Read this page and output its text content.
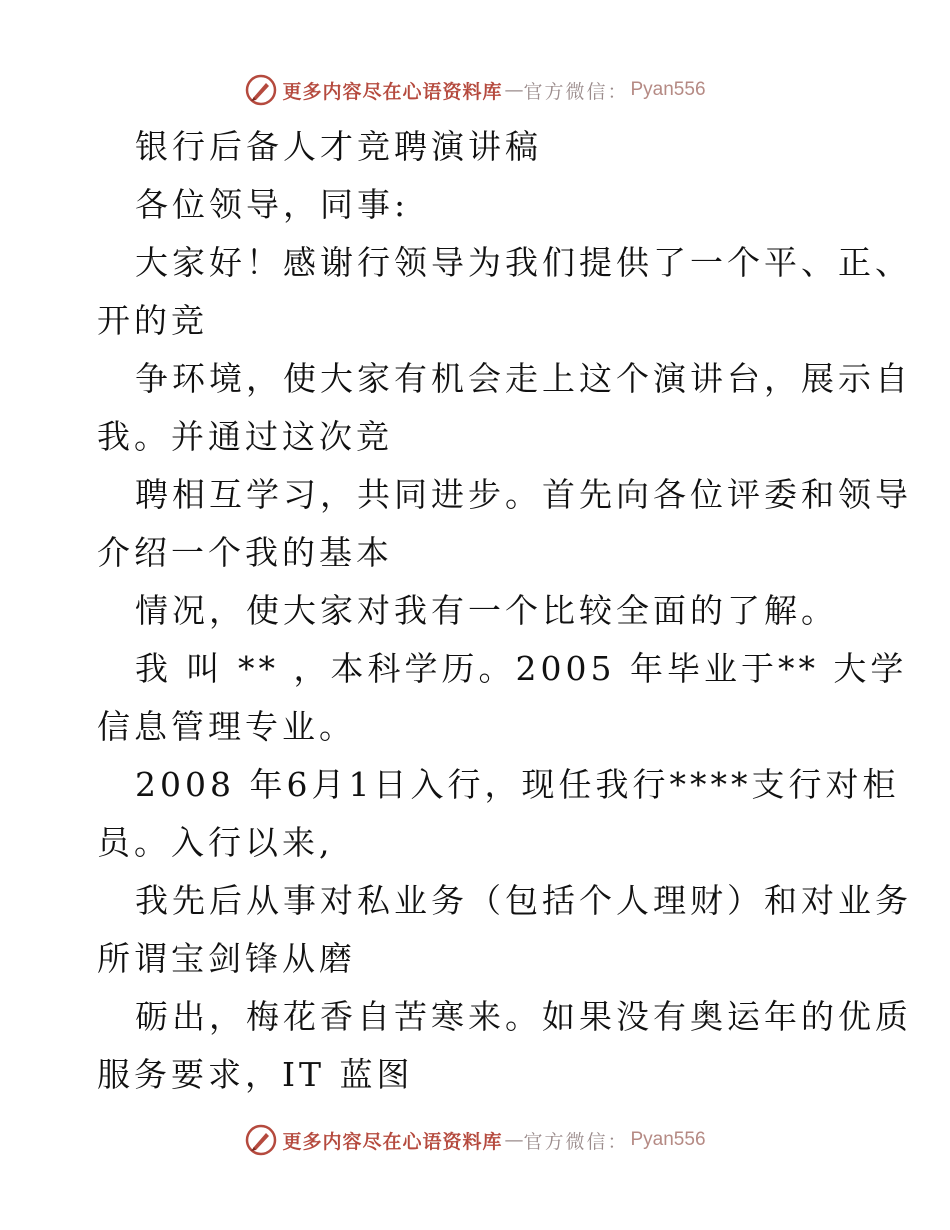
更多内容尽在心语资料库 — 官方微信： Pyan556
银行后备人才竞聘演讲稿
各位领导，同事:
大家好！感谢行领导为我们提供了一个平、正、
开的竞
争环境，使大家有机会走上这个演讲台，展示自
我。并通过这次竞
聘相互学习，共同进步。首先向各位评委和领导
介绍一个我的基本
情况，使大家对我有一个比较全面的了解。
我 叫 ** ，本科学历。2005 年毕业于** 大学
信息管理专业。
2008 年6月1日入行，现任我行****支行对柜
员。入行以来,
我先后从事对私业务（包括个人理财）和对业务
所谓宝剑锋从磨
砺出，梅花香自苦寒来。如果没有奥运年的优质
服务要求，IT 蓝图
更多内容尽在心语资料库 — 官方微信： Pyan556
